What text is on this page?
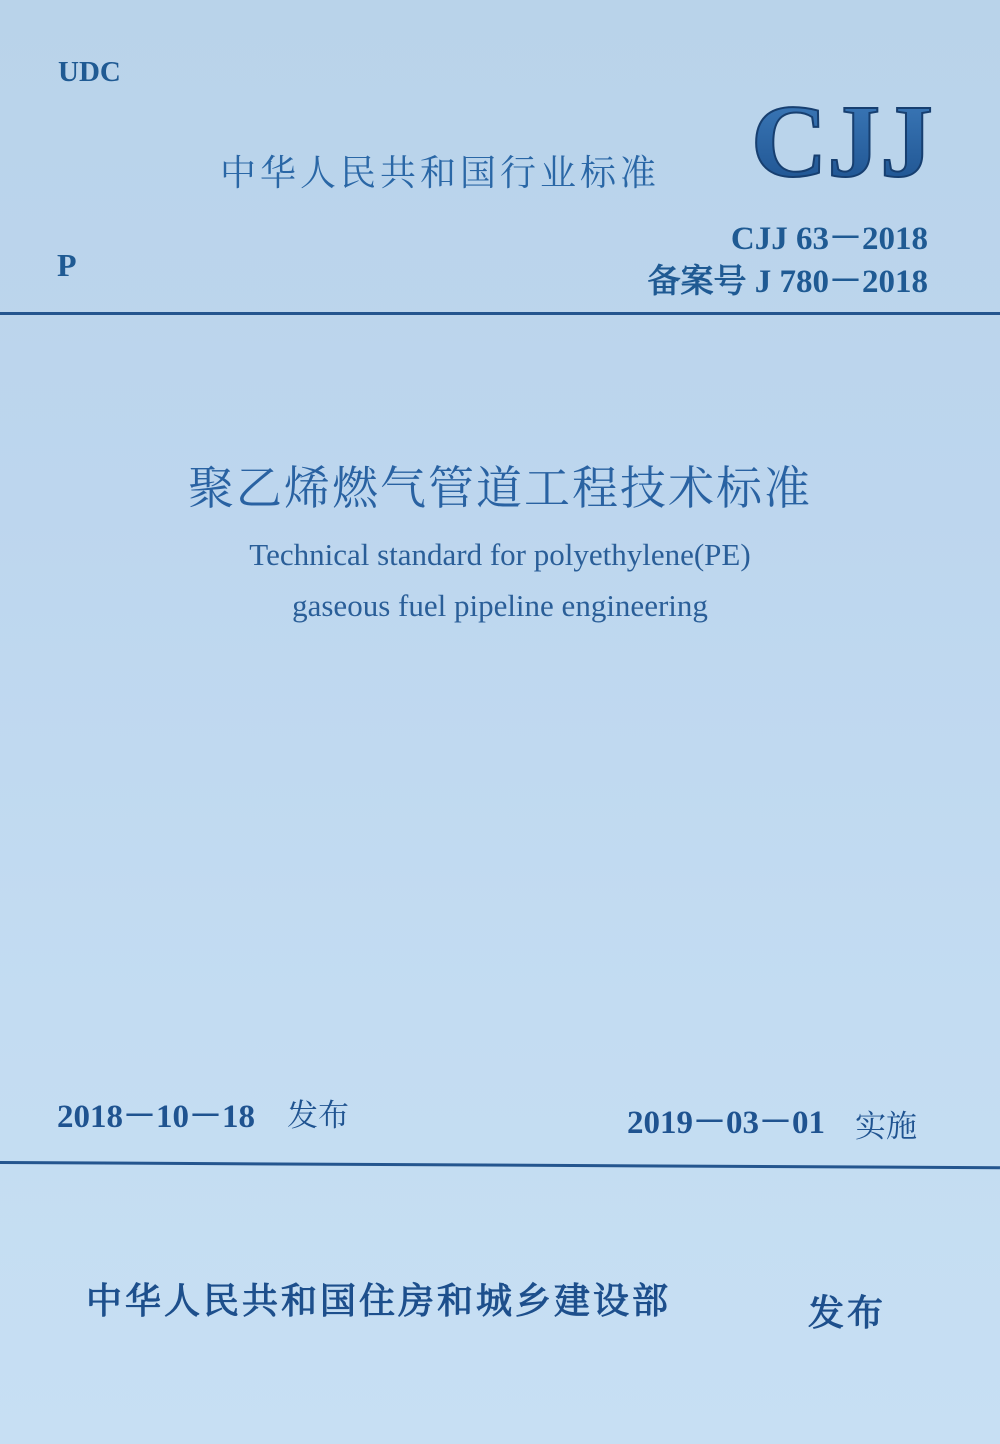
UDC
P
中华人民共和国行业标准 CJJ
CJJ 63－2018
备案号 J 780－2018
聚乙烯燃气管道工程技术标准
Technical standard for polyethylene(PE)
gaseous fuel pipeline engineering
2018－10－18 发布	2019－03－01 实施
中华人民共和国住房和城乡建设部	发布
